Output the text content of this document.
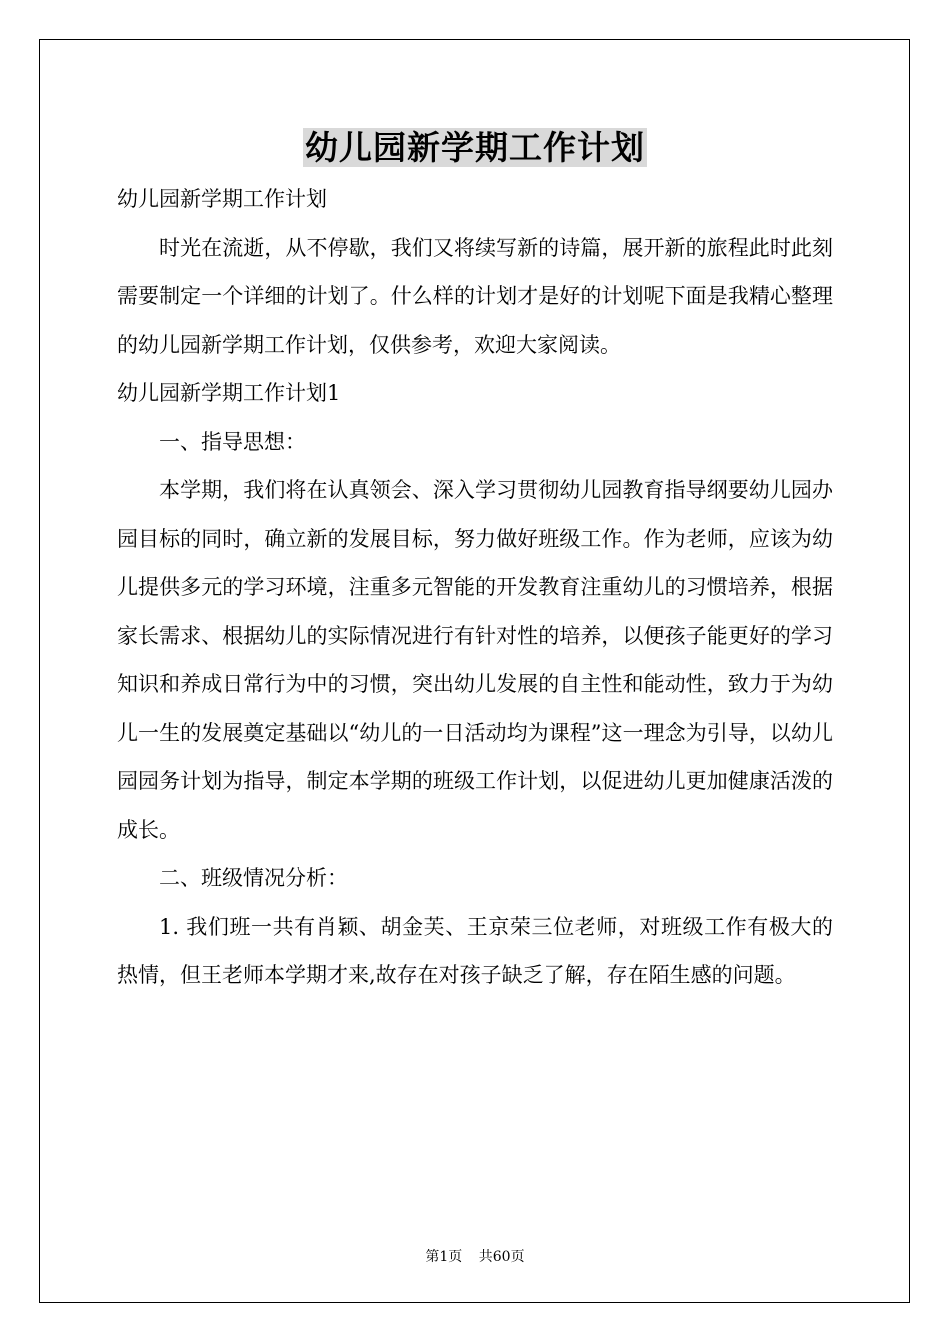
幼儿园新学期工作计划

幼儿园新学期工作计划

时光在流逝，从不停歇，我们又将续写新的诗篇，展开新的旅程此时此刻需要制定一个详细的计划了。什么样的计划才是好的计划呢下面是我精心整理的幼儿园新学期工作计划，仅供参考，欢迎大家阅读。

幼儿园新学期工作计划1

一、指导思想：

本学期，我们将在认真领会、深入学习贯彻幼儿园教育指导纲要幼儿园办园目标的同时，确立新的发展目标，努力做好班级工作。作为老师，应该为幼儿提供多元的学习环境，注重多元智能的开发教育注重幼儿的习惯培养，根据家长需求、根据幼儿的实际情况进行有针对性的培养，以便孩子能更好的学习知识和养成日常行为中的习惯，突出幼儿发展的自主性和能动性，致力于为幼儿一生的发展奠定基础以“幼儿的一日活动均为课程”这一理念为引导，以幼儿园园务计划为指导，制定本学期的班级工作计划，以促进幼儿更加健康活泼的成长。

二、班级情况分析：

1. 我们班一共有肖颖、胡金芙、王京荣三位老师，对班级工作有极大的热情，但王老师本学期才来,故存在对孩子缺乏了解，存在陌生感的问题。

第1页 共60页
